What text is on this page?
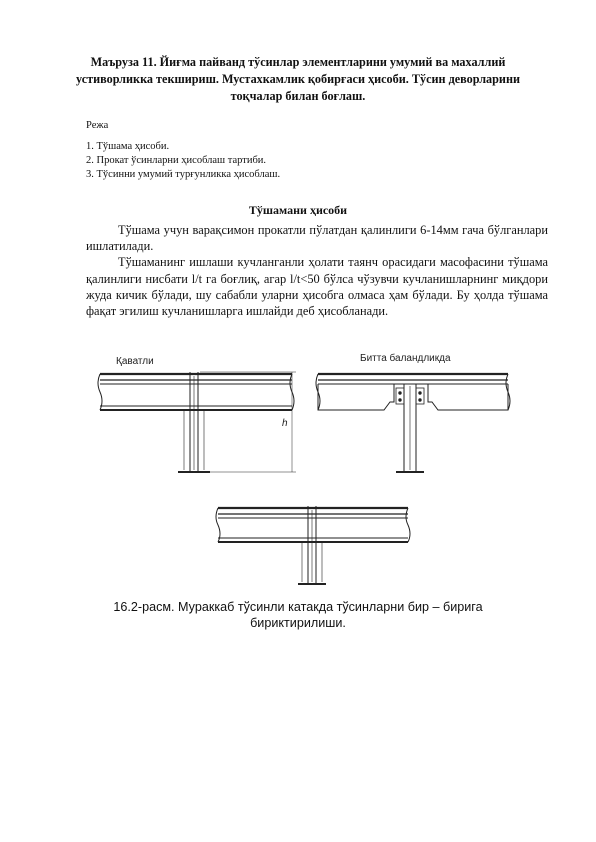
Маъруза 11. Йиғма пайванд тўсинлар элементларини умумий ва махаллий устиворликка текшириш. Мустахкамлик қобирғаси ҳисоби. Тўсин деворларини тоқчалар билан боғлаш.
Режа
1. Тўшама ҳисоби.
2. Прокат ўсинларни ҳисоблаш тартиби.
3. Тўсинни умумий турғунликка ҳисоблаш.
Тўшамани ҳисоби

Тўшама учун варақсимон прокатли пўлатдан қалинлиги 6-14мм гача бўлганлари ишлатилади.

Тўшаманинг ишлаши кучланганли ҳолати таянч орасидаги масофасини тўшама қалинлиги нисбати l/t га боғлиқ, агар l/t<50 бўлса чўзувчи кучланишларнинг миқдори жуда кичик бўлади, шу сабабли уларни ҳисобга олмаса ҳам бўлади. Бу ҳолда тўшама фақат эгилиш кучланишларга ишлайди деб ҳисобланади.

Қаватли	Битта баландликда
h
16.2-расм. Мураккаб тўсинли катакда тўсинларни бир – бирига бириктирилиши.
